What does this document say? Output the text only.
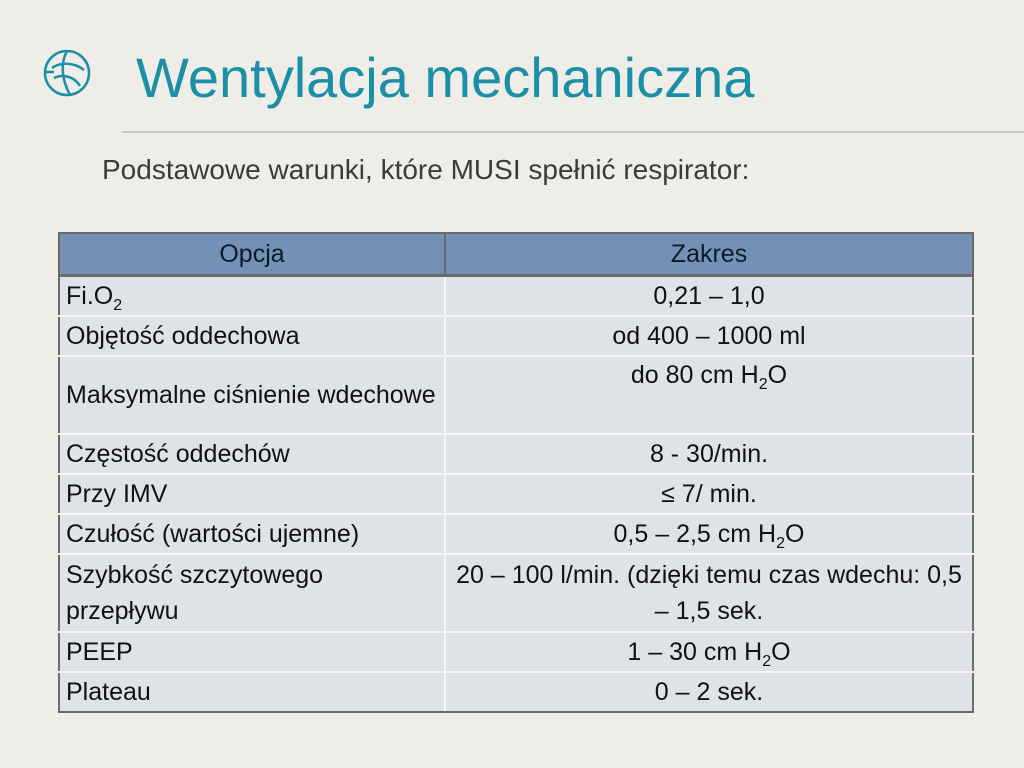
Wentylacja mechaniczna
Podstawowe warunki, które MUSI spełnić respirator:
Opcja	Zakres
$Fi.O_2$	0,21 – 1,0
Objętość oddechowa	od 400 – 1000 ml
Maksymalne ciśnienie wdechowe	do 80 cm $H_2O$
Częstość oddechów	8 - 30/min.
Przy IMV	≤ 7/ min.
Czułość (wartości ujemne)	0,5 – 2,5 cm $H_2O$
Szybkość szczytowego przepływu	20 – 100 l/min. (dzięki temu czas wdechu: 0,5 – 1,5 sek.
PEEP	1 – 30 cm $H_2O$
Plateau	0 – 2 sek.
